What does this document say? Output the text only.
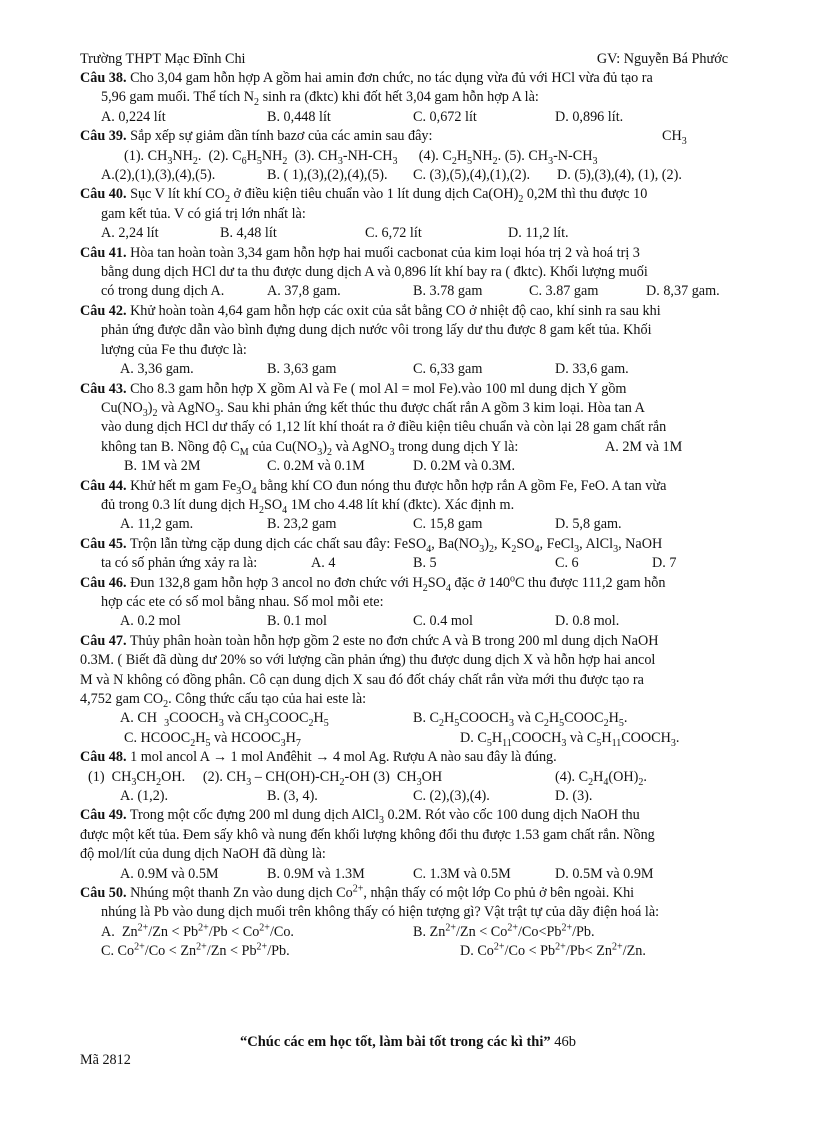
Trường THPT Mạc Đĩnh Chi	GV: Nguyễn Bá Phước
Câu 38. Cho 3,04 gam hỗn hợp A gồm hai amin đơn chức, no tác dụng vừa đủ với HCl vừa đủ tạo ra
5,96 gam muối. Thể tích $N_2$ sinh ra (đktc) khi đốt hết 3,04 gam hỗn hợp A là:
A. 0,224 lít	B. 0,448 lít	C. 0,672 lít	D. 0,896 lít.

Câu 39. Sắp xếp sự giảm dần tính bazơ của các amin sau đây:	$CH_3$
(1). $CH_3NH_2$.  (2). $C_6H_5NH_2$  (3). $CH_3-NH-CH_3$      (4). $C_2H_5NH_2$. (5). $CH_3-N-CH_3$
A.(2),(1),(3),(4),(5).	B. ( 1),(3),(2),(4),(5). C. (3),(5),(4),(1),(2). D. (5),(3),(4), (1), (2).

Câu 40. Sục V lít khí $CO_2$ ở điều kiện tiêu chuẩn vào 1 lít dung dịch $Ca(OH)_2$ 0,2M thì thu được 10
gam kết tủa. V có giá trị lớn nhất là:
A. 2,24 lít	B. 4,48 lít	C. 6,72 lít	D. 11,2 lít.

Câu 41. Hòa tan hoàn toàn 3,34 gam hỗn hợp hai muối cacbonat của kim loại hóa trị 2 và hoá trị 3
bằng dung dịch HCl dư ta thu được dung dịch A và 0,896 lít khí bay ra ( đktc). Khối lượng muối
có trong dung dịch A.	A. 37,8 gam.	B. 3.78 gam	C. 3.87 gam	D. 8,37 gam.
Câu 42. Khử hoàn toàn 4,64 gam hỗn hợp các oxit của sắt bằng CO ở nhiệt độ cao, khí sinh ra sau khi
phản ứng được dẫn vào bình đựng dung dịch nước vôi trong lấy dư thu được 8 gam kết tủa. Khối
lượng của Fe thu được là:
A. 3,36 gam.	B. 3,63 gam	C. 6,33 gam	D. 33,6 gam.

Câu 43. Cho 8.3 gam hỗn hợp X gồm Al và Fe ( mol Al = mol Fe).vào 100 ml dung dịch Y gồm
$Cu(NO_3)_2$ và AgNO$_3$. Sau khi phản ứng kết thúc thu được chất rắn A gồm 3 kim loại. Hòa tan A
vào dung dịch HCl dư thấy có 1,12 lít khí thoát ra ở điều kiện tiêu chuẩn và còn lại 28 gam chất rắn
không tan B. Nồng độ $C_M$ của $Cu(NO_3)_2$ và AgNO$_3$ trong dung dịch Y là:	A. 2M và 1M
B. 1M và 2M	C. 0.2M và 0.1M	D. 0.2M và 0.3M.

Câu 44. Khử hết m gam $Fe_3O_4$ bằng khí CO đun nóng thu được hỗn hợp rắn A gồm Fe, FeO. A tan vừa
đủ trong 0.3 lít dung dịch $H_2SO_4$ 1M cho 4.48 lít khí (đktc). Xác định m.
A. 11,2 gam.	B. 23,2 gam	C. 15,8 gam	D. 5,8 gam.

Câu 45. Trộn lẫn từng cặp dung dịch các chất sau đây: FeSO$_4$, $Ba(NO_3)_2$, $K_2SO_4$, FeCl$_3$, AlCl$_3$, NaOH
ta có số phản ứng xảy ra là:	A. 4	B. 5	C. 6	D. 7
Câu 46. Đun 132,8 gam hỗn hợp 3 ancol no đơn chức với $H_2SO_4$ đặc ở 140$^o$C thu được 111,2 gam hỗn
hợp các ete có số mol bằng nhau. Số mol mỗi ete:
A. 0.2 mol	B. 0.1 mol	C. 0.4 mol	D. 0.8 mol.

Câu 47. Thủy phân hoàn toàn hỗn hợp gồm 2 este no đơn chức A và B trong 200 ml dung dịch NaOH
0.3M. ( Biết đã dùng dư 20% so với lượng cần phản ứng) thu được dung dịch X và hỗn hợp hai ancol
M và N không có đồng phân. Cô cạn dung dịch X sau đó đốt cháy chất rắn vừa mới thu được tạo ra
4,752 gam $CO_2$. Công thức cấu tạo của hai este là:
A. CH  $_3COOCH_3$ và $CH_3COOC_2H_5$	B. $C_2H_5COOCH_3$ và $C_2H_5COOC_2H_5$.

C. $HCOOC_2H_5$ và $HCOOC_3H_7$	D. $C_5H_{11}COOCH_3$ và $C_5H_{11}COOCH_3$.

Câu 48. 1 mol ancol A → 1 mol Anđêhit → 4 mol Ag. Rượu A nào sau đây là đúng.
(1)  $CH_3CH_2OH$.     (2). $CH_3 - CH(OH)-CH_2-OH$ (3)  $CH_3OH$	(4). $C_2H_4(OH)_2$.
A. (1,2).	B. (3, 4).	C. (2),(3),(4).	D. (3).

Câu 49. Trong một cốc đựng 200 ml dung dịch AlCl$_3$ 0.2M. Rót vào cốc 100 dung dịch NaOH thu
được một kết tủa. Đem sấy khô và nung đến khối lượng không đổi thu được 1.53 gam chất rắn. Nồng
độ mol/lít của dung dịch NaOH đã dùng là:
A. 0.9M và 0.5M	B. 0.9M và 1.3M	C. 1.3M và 0.5M	D. 0.5M và 0.9M

Câu 50. Nhúng một thanh Zn vào dung dịch $Co^{2+}$, nhận thấy có một lớp Co phủ ở bên ngoài. Khi
nhúng là Pb vào dung dịch muối trên không thấy có hiện tượng gì? Vật trật tự của dãy điện hoá là:
A.  $Zn^{2+}/Zn < Pb^{2+}/Pb < Co^{2+}/Co$.	B. $Zn^{2+}/Zn < Co^{2+}/Co<Pb^{2+}/Pb$.

C. $Co^{2+}/Co < Zn^{2+}/Zn < Pb^{2+}/Pb$.	D. $Co^{2+}/Co < Pb^{2+}/Pb< Zn^{2+}/Zn$.

“Chúc các em học tốt, làm bài tốt trong các kì thi” 46b
Mã 2812
